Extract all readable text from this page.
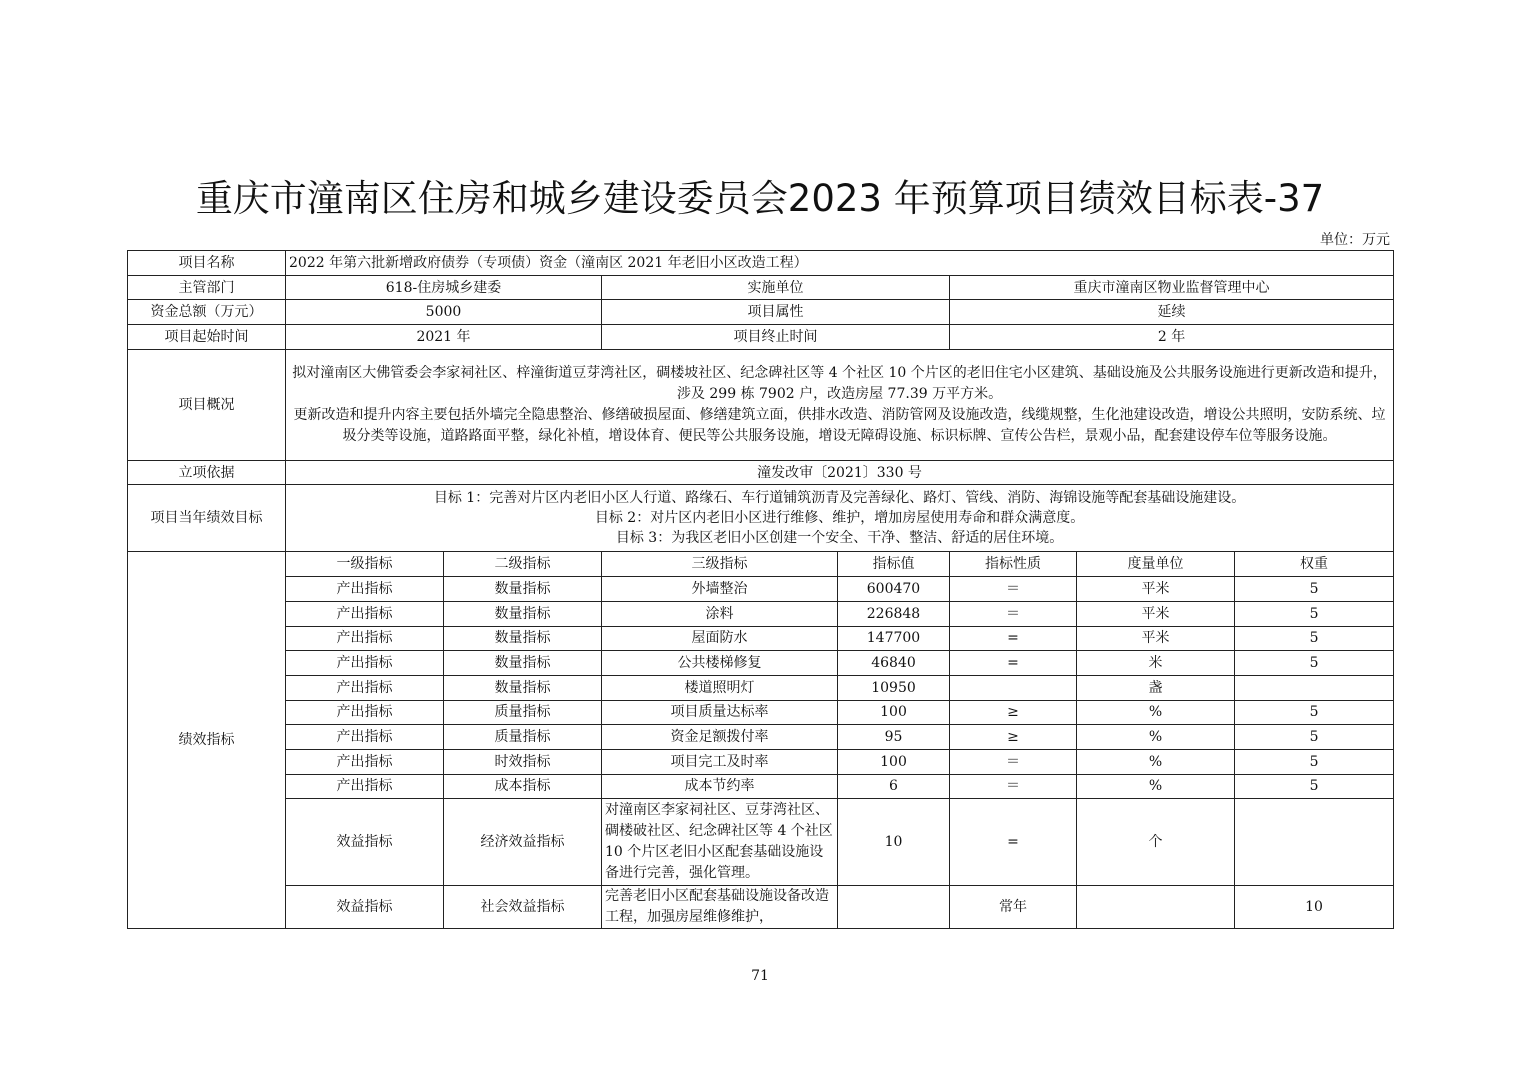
重庆市潼南区住房和城乡建设委员会2023 年预算项目绩效目标表-37
单位：万元
项目名称	2022 年第六批新增政府债券（专项债）资金（潼南区 2021 年老旧小区改造工程）						
主管部门	618-住房城乡建委		实施单位		重庆市潼南区物业监督管理中心		
资金总额（万元）	5000		项目属性		延续		
项目起始时间	2021 年		项目终止时间		2 年		
项目概况	拟对潼南区大佛管委会李家祠社区、梓潼街道豆芽湾社区，碉楼坡社区、纪念碑社区等 4 个社区 10 个片区的老旧住宅小区建筑、基础设施及公共服务设施进行更新改造和提升，涉及 299 栋 7902 户，改造房屋 77.39 万平方米。
更新改造和提升内容主要包括外墙完全隐患整治、修缮破损屋面、修缮建筑立面，供排水改造、消防管网及设施改造，线缆规整，生化池建设改造，增设公共照明，安防系统、垃圾分类等设施，道路路面平整，绿化补植，增设体育、便民等公共服务设施，增设无障碍设施、标识标牌、宣传公告栏，景观小品，配套建设停车位等服务设施。						

立项依据	潼发改审〔2021〕330 号						
项目当年绩效目标	目标 1：完善对片区内老旧小区人行道、路缘石、车行道铺筑沥青及完善绿化、路灯、管线、消防、海锦设施等配套基础设施建设。
目标 2：对片区内老旧小区进行维修、维护，增加房屋使用寿命和群众满意度。
目标 3：为我区老旧小区创建一个安全、干净、整洁、舒适的居住环境。						

绩效指标	一级指标	二级指标	三级指标	指标值	指标性质	度量单位	权重
	产出指标	数量指标	外墙整治	600470	＝	平米	5
	产出指标	数量指标	涂料	226848	＝	平米	5
	产出指标	数量指标	屋面防水	147700	=	平米	5
	产出指标	数量指标	公共楼梯修复	46840	=	米	5
	产出指标	数量指标	楼道照明灯	10950		盏	
	产出指标	质量指标	项目质量达标率	100	≥	%	5
	产出指标	质量指标	资金足额拨付率	95	≥	%	5
	产出指标	时效指标	项目完工及时率	100	＝	%	5
	产出指标	成本指标	成本节约率	6	＝	%	5
	效益指标	经济效益指标	对潼南区李家祠社区、豆芽湾社区、碉楼破社区、纪念碑社区等 4 个社区 10 个片区老旧小区配套基础设施设备进行完善，强化管理。	10	=	个	
	效益指标	社会效益指标	完善老旧小区配套基础设施设备改造工程，加强房屋维修维护，		常年		10
71
